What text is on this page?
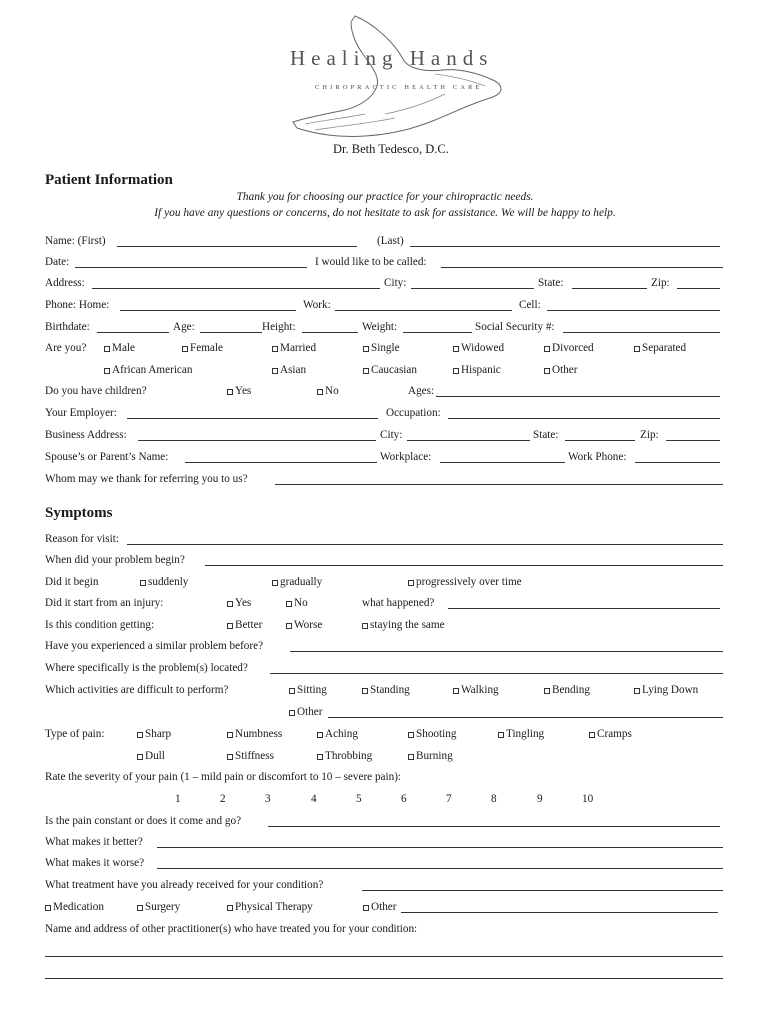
Healing Hands
CHIROPRACTIC HEALTH CARE
Dr. Beth Tedesco, D.C.
Patient Information
Thank you for choosing our practice for your chiropractic needs.
If you have any questions or concerns, do not hesitate to ask for assistance. We will be happy to help.
Name: (First)	(Last)
Date:	I would like to be called:
Address:	City:	State:	Zip:
Phone: Home:	Work:	Cell:
Birthdate:	Age:	Height:	Weight:	Social Security #:
Are you? Male	Female	Married	Single	Widowed	Divorced	Separated
African American	Asian	Caucasian	Hispanic	Other
Do you have children?	Yes	No	Ages:
Your Employer:	Occupation:
Business Address:	City:	State:	Zip:
Spouse’s or Parent’s Name:	Workplace:	Work Phone:
Whom may we thank for referring you to us?
Symptoms
Reason for visit:
When did your problem begin?
Did it begin	suddenly	gradually	progressively over time
Did it start from an injury:	Yes	No	what happened?
Is this condition getting:	Better	Worse	staying the same
Have you experienced a similar problem before?
Where specifically is the problem(s) located?
Which activities are difficult to perform?	Sitting	Standing	Walking	Bending	Lying Down
Other
Type of pain:	Sharp	Numbness	Aching	Shooting	Tingling	Cramps
Dull	Stiffness	Throbbing	Burning
Rate the severity of your pain (1 – mild pain or discomfort to 10 – severe pain):
1	2	3	4	5	6	7	8	9	10
Is the pain constant or does it come and go?
What makes it better?
What makes it worse?
What treatment have you already received for your condition?
Medication	Surgery	Physical Therapy	Other
Name and address of other practitioner(s) who have treated you for your condition:
